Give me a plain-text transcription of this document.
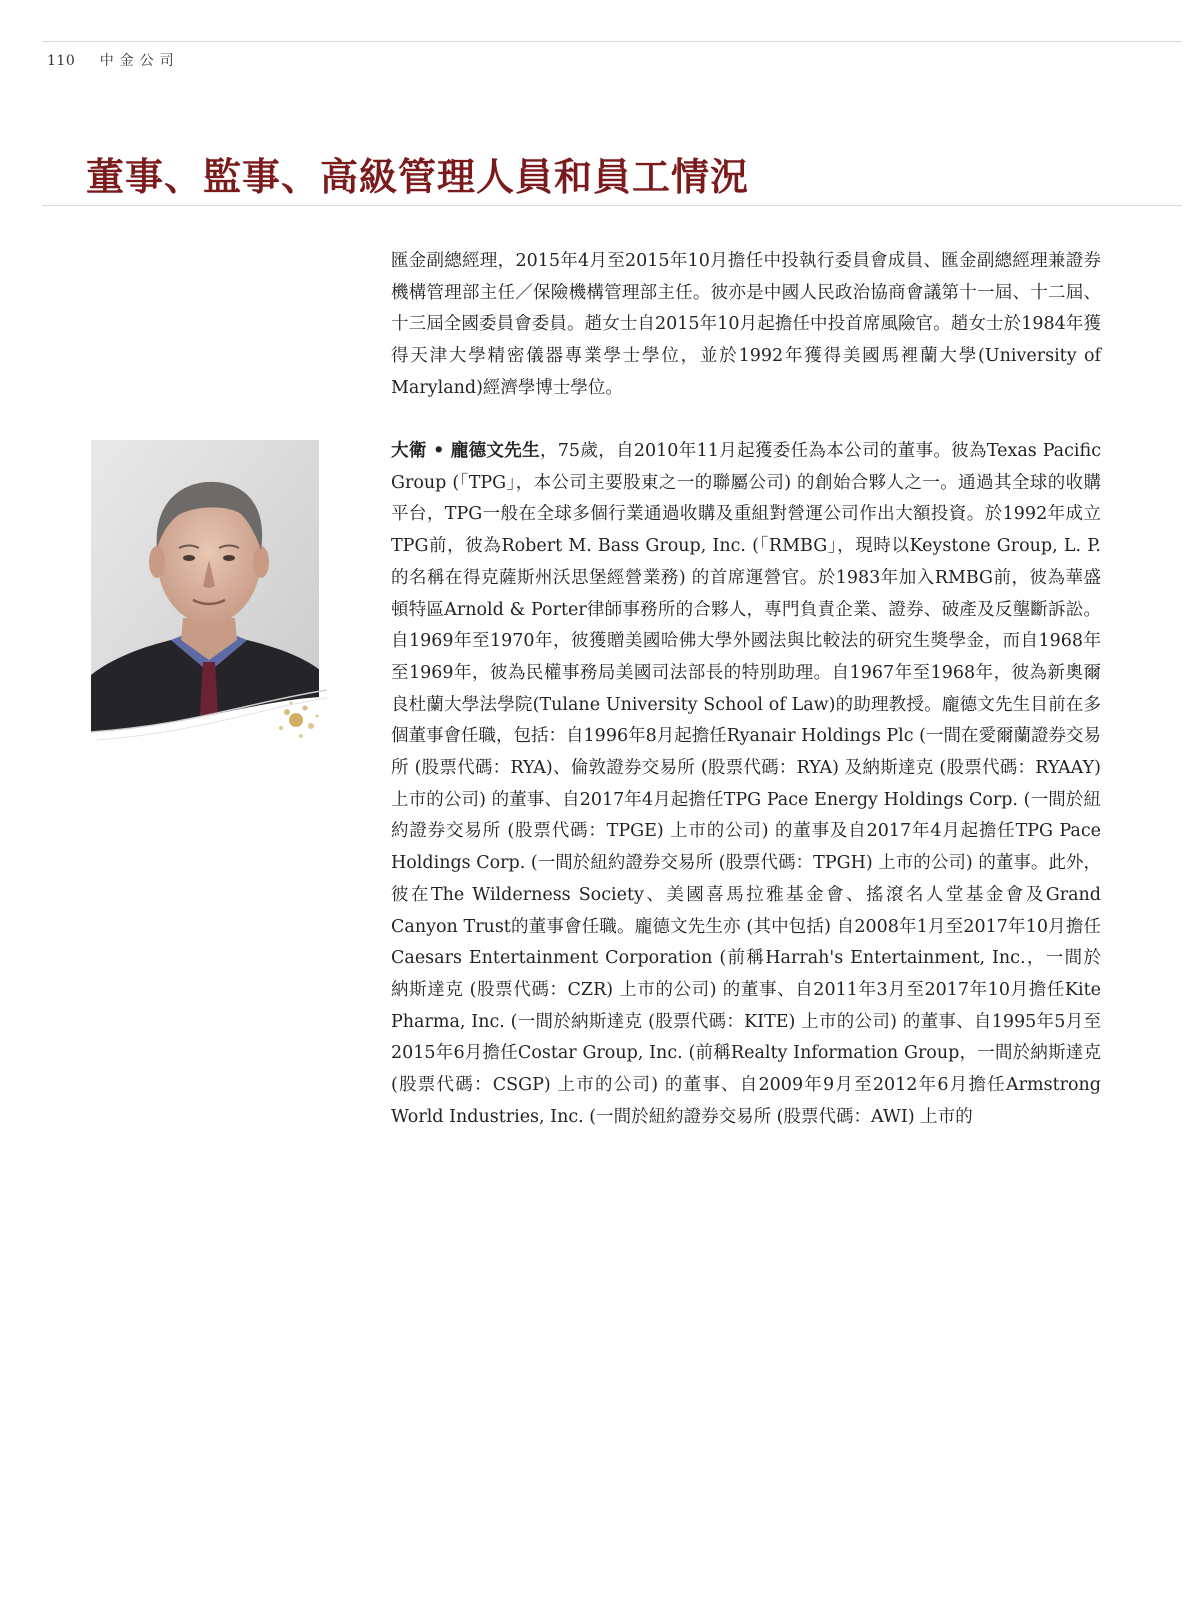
110 中金公司
董事、監事、高級管理人員和員工情況

匯金副總經理，2015年4月至2015年10月擔任中投執行委員會成員、匯金副總經理兼證券機構管理部主任／保險機構管理部主任。彼亦是中國人民政治協商會議第十一屆、十二屆、十三屆全國委員會委員。趙女士自2015年10月起擔任中投首席風險官。趙女士於1984年獲得天津大學精密儀器專業學士學位，並於1992年獲得美國馬裡蘭大學(University of Maryland)經濟學博士學位。

大衛 • 龐德文先生，75歲，自2010年11月起獲委任為本公司的董事。彼為Texas Pacific Group (「TPG」，本公司主要股東之一的聯屬公司) 的創始合夥人之一。通過其全球的收購平台，TPG一般在全球多個行業通過收購及重組對營運公司作出大額投資。於1992年成立TPG前，彼為Robert M. Bass Group, Inc. (「RMBG」，現時以Keystone Group, L. P.的名稱在得克薩斯州沃思堡經營業務) 的首席運營官。於1983年加入RMBG前，彼為華盛頓特區Arnold & Porter律師事務所的合夥人，專門負責企業、證券、破產及反壟斷訴訟。自1969年至1970年，彼獲贈美國哈佛大學外國法與比較法的研究生獎學金，而自1968年至1969年，彼為民權事務局美國司法部長的特別助理。自1967年至1968年，彼為新奧爾良杜蘭大學法學院(Tulane University School of Law)的助理教授。龐德文先生目前在多個董事會任職，包括：自1996年8月起擔任Ryanair Holdings Plc (一間在愛爾蘭證券交易所 (股票代碼：RYA)、倫敦證券交易所 (股票代碼：RYA) 及納斯達克 (股票代碼：RYAAY) 上市的公司) 的董事、自2017年4月起擔任TPG Pace Energy Holdings Corp. (一間於紐約證券交易所 (股票代碼：TPGE) 上市的公司) 的董事及自2017年4月起擔任TPG Pace Holdings Corp. (一間於紐約證券交易所 (股票代碼：TPGH) 上市的公司) 的董事。此外，彼在The Wilderness Society、美國喜馬拉雅基金會、搖滾名人堂基金會及Grand Canyon Trust的董事會任職。龐德文先生亦 (其中包括) 自2008年1月至2017年10月擔任Caesars Entertainment Corporation (前稱Harrah's Entertainment, Inc.，一間於納斯達克 (股票代碼：CZR) 上市的公司) 的董事、自2011年3月至2017年10月擔任Kite Pharma, Inc. (一間於納斯達克 (股票代碼：KITE) 上市的公司) 的董事、自1995年5月至2015年6月擔任Costar Group, Inc. (前稱Realty Information Group，一間於納斯達克 (股票代碼：CSGP) 上市的公司) 的董事、自2009年9月至2012年6月擔任Armstrong World Industries, Inc. (一間於紐約證券交易所 (股票代碼：AWI) 上市的
